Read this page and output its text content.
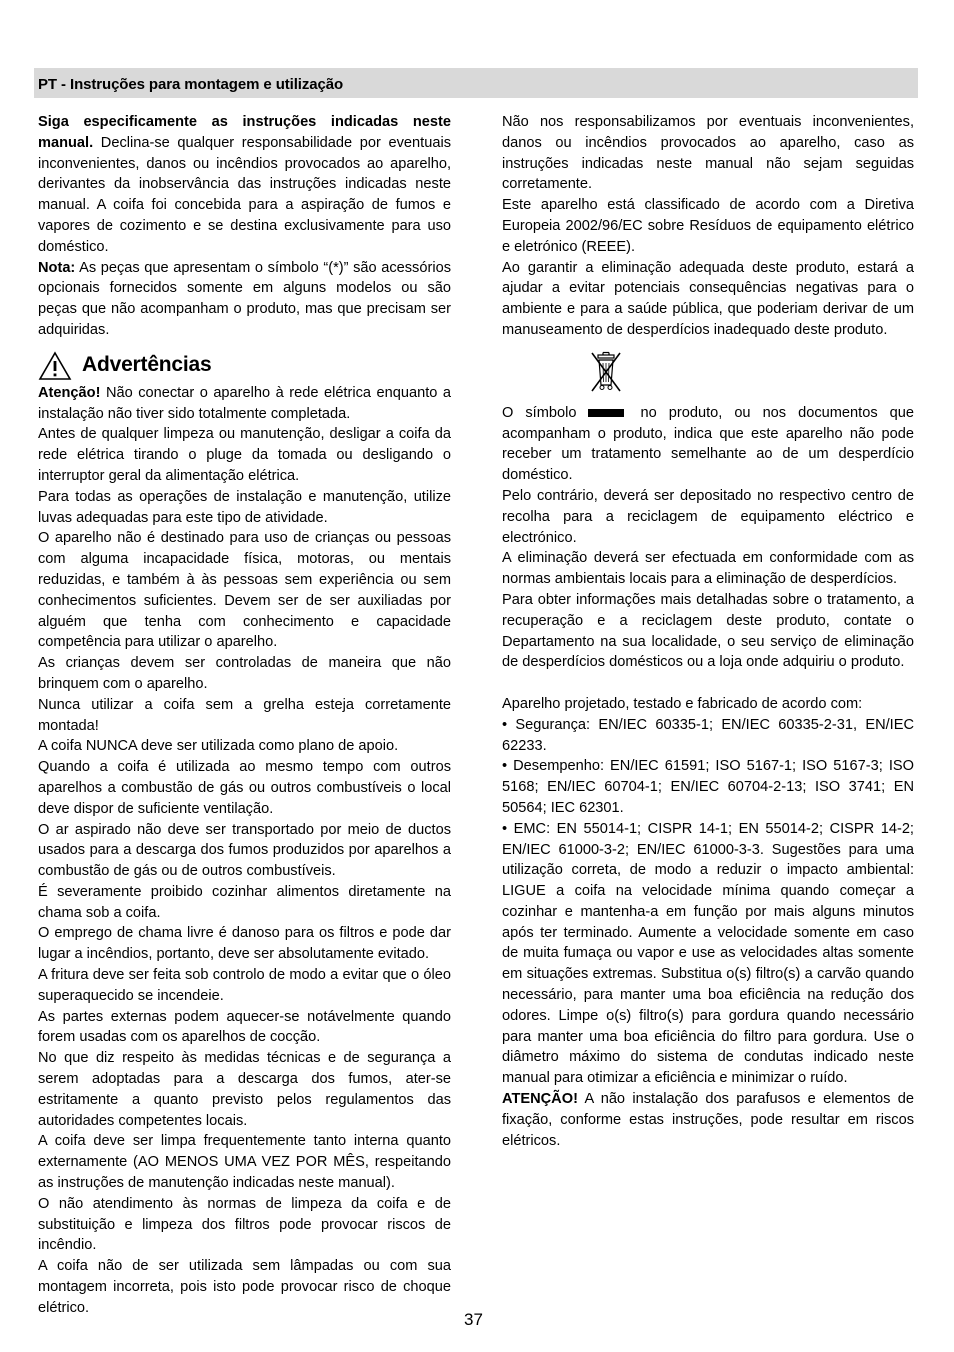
PT - Instruções para montagem e utilização

Siga especificamente as instruções indicadas neste manual. Declina-se qualquer responsabilidade por eventuais inconvenientes, danos ou incêndios provocados ao aparelho, derivantes da inobservância das instruções indicadas neste manual. A coifa foi concebida para a aspiração de fumos e vapores de cozimento e se destina exclusivamente para uso doméstico.

Nota: As peças que apresentam o símbolo “(*)” são acessórios opcionais fornecidos somente em alguns modelos ou são peças que não acompanham o produto, mas que precisam ser adquiridas.

Advertências

Atenção! Não conectar o aparelho à rede elétrica enquanto a instalação não tiver sido totalmente completada.

Antes de qualquer limpeza ou manutenção, desligar a coifa da rede elétrica tirando o pluge da tomada ou desligando o interruptor geral da alimentação elétrica.

Para todas as operações de instalação e manutenção, utilize luvas adequadas para este tipo de atividade.

O aparelho não é destinado para uso de crianças ou pessoas com alguma incapacidade física, motoras, ou mentais reduzidas, e também à às pessoas sem experiência ou sem conhecimentos suficientes. Devem ser de ser auxiliadas por alguém que tenha com conhecimento e capacidade competência para utilizar o aparelho.

As crianças devem ser controladas de maneira que não brinquem com o aparelho.

Nunca utilizar a coifa sem a grelha esteja corretamente montada!

A coifa NUNCA deve ser utilizada como plano de apoio.

Quando a coifa é utilizada ao mesmo tempo com outros aparelhos a combustão de gás ou outros combustíveis o local deve dispor de suficiente ventilação.

O ar aspirado não deve ser transportado por meio de ductos usados para a descarga dos fumos produzidos por aparelhos a combustão de gás ou de outros combustíveis.

É severamente proibido cozinhar alimentos diretamente na chama sob a coifa.

O emprego de chama livre é danoso para os filtros e pode dar lugar a incêndios, portanto, deve ser absolutamente evitado.

A fritura deve ser feita sob controlo de modo a evitar que o óleo superaquecido se incendeie.

As partes externas podem aquecer-se notávelmente quando forem usadas com os aparelhos de cocção.

No que diz respeito às medidas técnicas e de segurança a serem adoptadas para a descarga dos fumos, ater-se estritamente a quanto previsto pelos regulamentos das autoridades competentes locais.

A coifa deve ser limpa frequentemente tanto interna quanto externamente (AO MENOS UMA VEZ POR MÊS, respeitando as instruções de manutenção indicadas neste manual).

O não atendimento às normas de limpeza da coifa e de substituição e limpeza dos filtros pode provocar riscos de incêndio.

A coifa não de ser utilizada sem lâmpadas ou com sua montagem incorreta, pois isto pode provocar risco de choque elétrico.

Não nos responsabilizamos por eventuais inconvenientes, danos ou incêndios provocados ao aparelho, caso as instruções indicadas neste manual não sejam seguidas corretamente.

Este aparelho está classificado de acordo com a Diretiva Europeia 2002/96/EC sobre Resíduos de equipamento elétrico e eletrónico (REEE).

Ao garantir a eliminação adequada deste produto, estará a ajudar a evitar potenciais consequências negativas para o ambiente e para a saúde pública, que poderiam derivar de um manuseamento de desperdícios inadequado deste produto.

O símbolo	no produto, ou nos documentos que acompanham o produto, indica que este aparelho não pode receber um tratamento semelhante ao de um desperdício doméstico.

Pelo contrário, deverá ser depositado no respectivo centro de recolha para a reciclagem de equipamento eléctrico e electrónico.

A eliminação deverá ser efectuada em conformidade com as normas ambientais locais para a eliminação de desperdícios.

Para obter informações mais detalhadas sobre o tratamento, a recuperação e a reciclagem deste produto, contate o Departamento na sua localidade, o seu serviço de eliminação de desperdícios domésticos ou a loja onde adquiriu o produto.

Aparelho projetado, testado e fabricado de acordo com:

• Segurança: EN/IEC 60335-1; EN/IEC 60335-2-31, EN/IEC 62233.

• Desempenho: EN/IEC 61591; ISO 5167-1; ISO 5167-3; ISO 5168; EN/IEC 60704-1; EN/IEC 60704-2-13; ISO 3741; EN 50564; IEC 62301.

• EMC: EN 55014-1; CISPR 14-1; EN 55014-2; CISPR 14-2; EN/IEC 61000-3-2; EN/IEC 61000-3-3. Sugestões para uma utilização correta, de modo a reduzir o impacto ambiental: LIGUE a coifa na velocidade mínima quando começar a cozinhar e mantenha-a em função por mais alguns minutos após ter terminado. Aumente a velocidade somente em caso de muita fumaça ou vapor e use as velocidades altas somente em situações extremas. Substitua o(s) filtro(s) a carvão quando necessário, para manter uma boa eficiência na redução dos odores. Limpe o(s) filtro(s) para gordura quando necessário para manter uma boa eficiência do filtro para gordura. Use o diâmetro máximo do sistema de condutas indicado neste manual para otimizar a eficiência e minimizar o ruído.

ATENÇÃO! A não instalação dos parafusos e elementos de fixação, conforme estas instruções, pode resultar em riscos elétricos.

37
